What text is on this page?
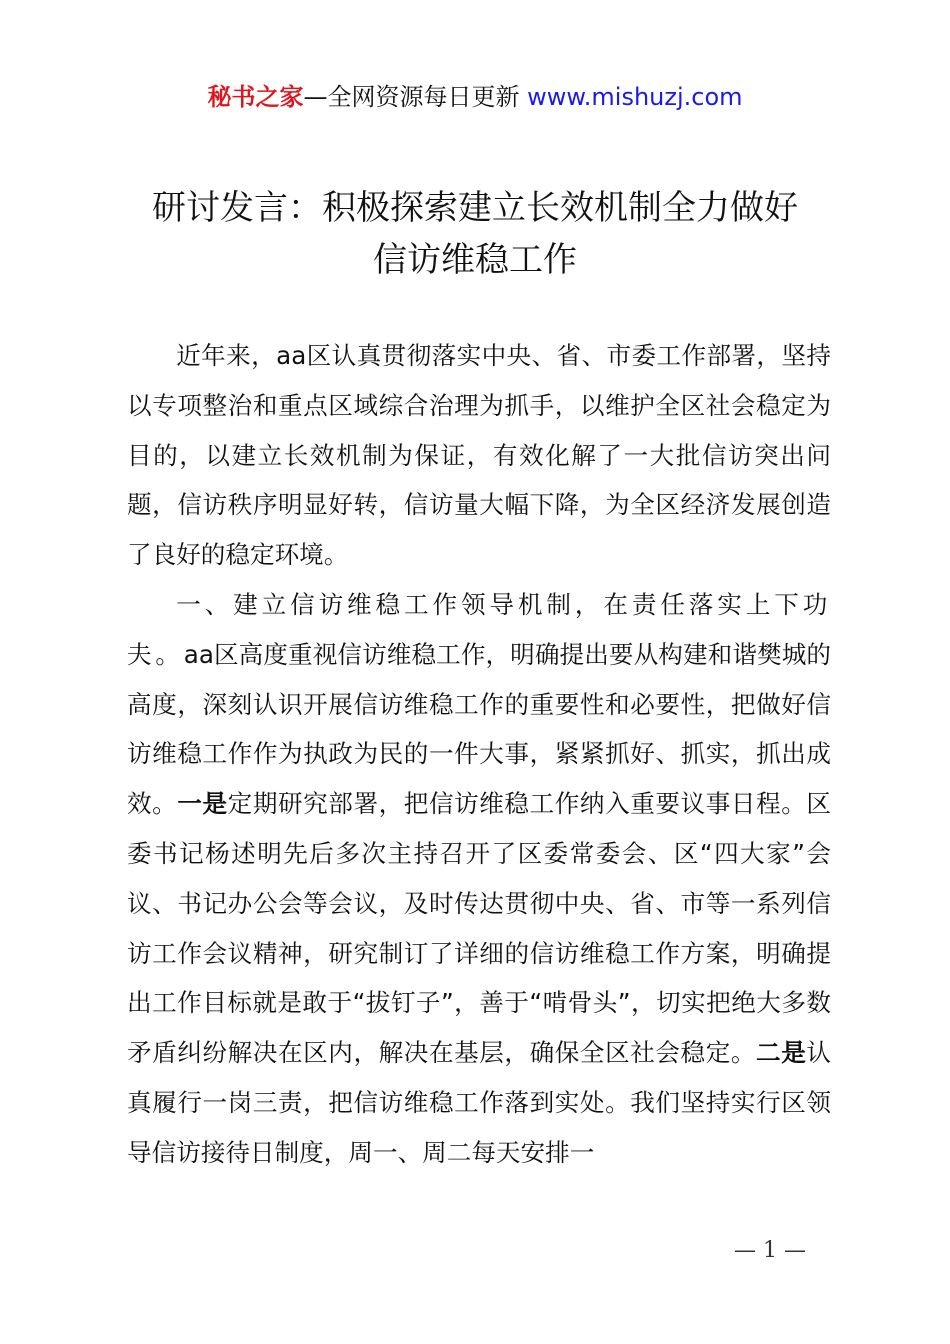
秘书之家—全网资源每日更新 www.mishuzj.com
研讨发言：积极探索建立长效机制全力做好
信访维稳工作

近年来，aa区认真贯彻落实中央、省、市委工作部署，坚持以专项整治和重点区域综合治理为抓手，以维护全区社会稳定为目的，以建立长效机制为保证，有效化解了一大批信访突出问题，信访秩序明显好转，信访量大幅下降，为全区经济发展创造了良好的稳定环境。

一、建立信访维稳工作领导机制，在责任落实上下功夫。aa区高度重视信访维稳工作，明确提出要从构建和谐樊城的高度，深刻认识开展信访维稳工作的重要性和必要性，把做好信访维稳工作作为执政为民的一件大事，紧紧抓好、抓实，抓出成效。一是定期研究部署，把信访维稳工作纳入重要议事日程。区委书记杨述明先后多次主持召开了区委常委会、区“四大家”会议、书记办公会等会议，及时传达贯彻中央、省、市等一系列信访工作会议精神，研究制订了详细的信访维稳工作方案，明确提出工作目标就是敢于“拔钉子”，善于“啃骨头”，切实把绝大多数矛盾纠纷解决在区内，解决在基层，确保全区社会稳定。二是认真履行一岗三责，把信访维稳工作落到实处。我们坚持实行区领导信访接待日制度，周一、周二每天安排一

— 1 —
